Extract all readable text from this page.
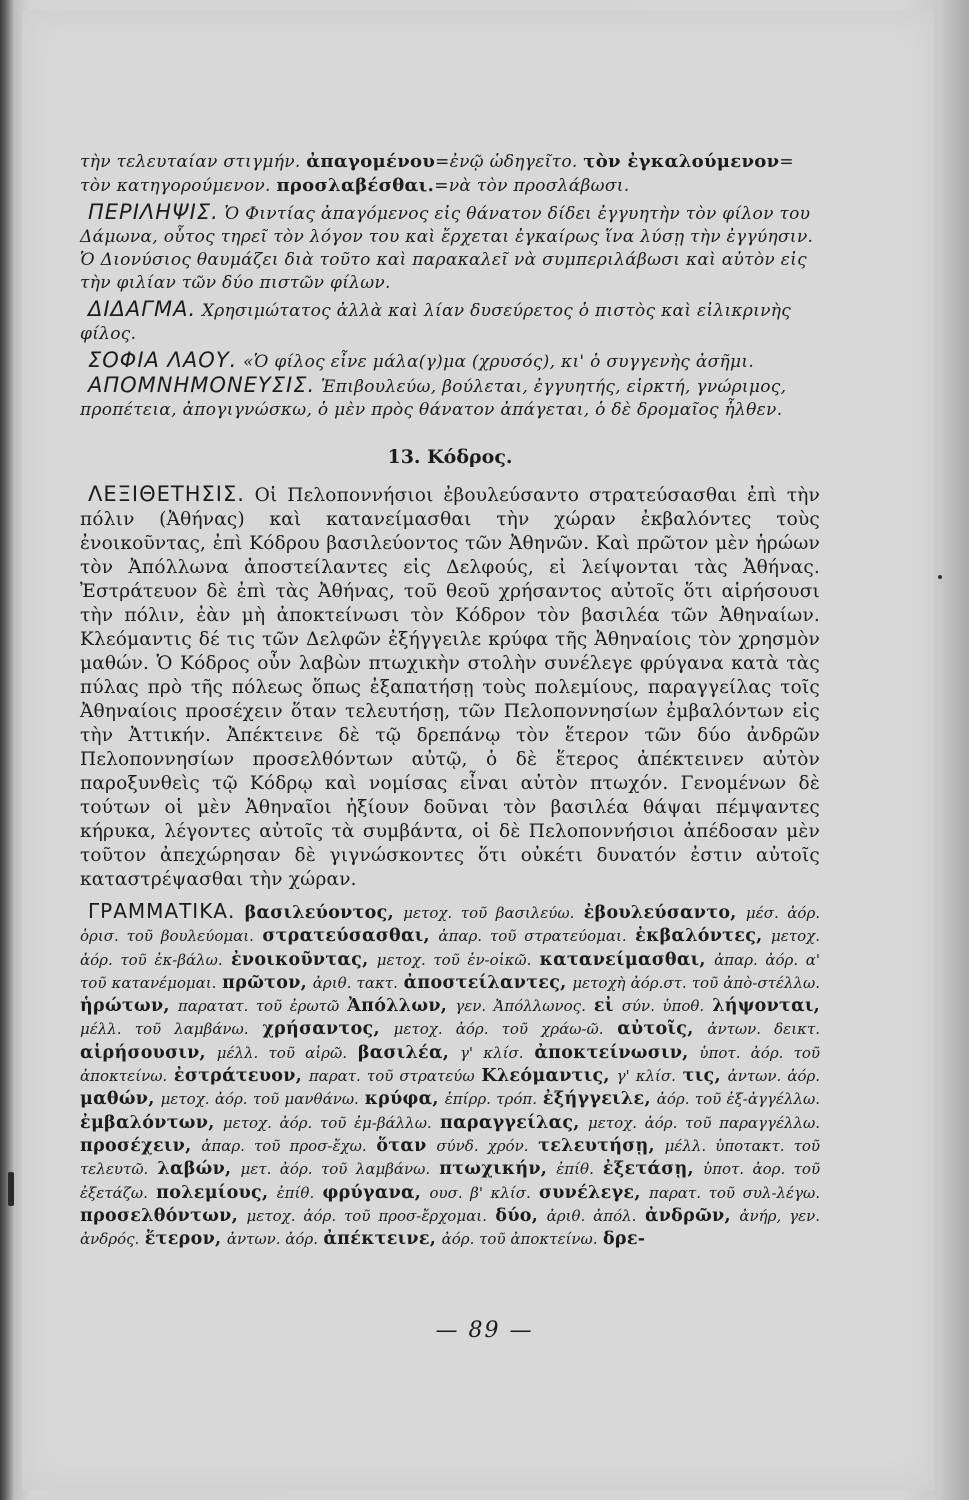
τὴν τελευταίαν στιγμήν. ἀπαγομένου=ἐνῷ ὡδηγεῖτο. τὸν ἐγκαλούμενον=
τὸν κατηγορούμενον. προσλαβέσθαι.=νὰ τὸν προσλάβωσι.

ΠΕΡΙΛΗΨΙΣ. Ὁ Φιντίας ἀπαγόμενος εἰς θάνατον δίδει ἐγγυητὴν τὸν φίλον του Δάμωνα, οὗτος τηρεῖ τὸν λόγον του καὶ ἔρχεται ἐγκαίρως ἵνα λύσῃ τὴν ἐγγύησιν. Ὁ Διονύσιος θαυμάζει διὰ τοῦτο καὶ παρακαλεῖ νὰ συμπεριλάβωσι καὶ αὐτὸν εἰς τὴν φιλίαν τῶν δύο πιστῶν φίλων.

ΔΙΔΑΓΜΑ. Χρησιμώτατος ἀλλὰ καὶ λίαν δυσεύρετος ὁ πιστὸς καὶ εἰλικρινὴς φίλος.

ΣΟΦΙΑ ΛΑΟΥ. «Ὁ φίλος εἶνε μάλα(γ)μα (χρυσός), κι' ὁ συγγενὴς ἀσῆμι.

ΑΠΟΜΝΗΜΟΝΕΥΣΙΣ. Ἐπιβουλεύω, βούλεται, ἐγγυητής, εἱρκτή, γνώριμος, προπέτεια, ἀπογιγνώσκω, ὁ μὲν πρὸς θάνατον ἀπάγεται, ὁ δὲ δρομαῖος ἦλθεν.

13. Κόδρος.

ΛΕΞΙΘΕΤΗΣΙΣ. Οἱ Πελοποννήσιοι ἐβουλεύσαντο στρατεύσασθαι ἐπὶ τὴν πόλιν (Ἀθήνας) καὶ κατανείμασθαι τὴν χώραν ἐκβαλόντες τοὺς ἐνοικοῦντας, ἐπὶ Κόδρου βασιλεύοντος τῶν Ἀθηνῶν. Καὶ πρῶτον μὲν ἡρώων τὸν Ἀπόλλωνα ἀποστείλαντες εἰς Δελφούς, εἰ λείψονται τὰς Ἀθήνας. Ἐστράτευον δὲ ἐπὶ τὰς Ἀθήνας, τοῦ θεοῦ χρήσαντος αὐτοῖς ὅτι αἱρήσουσι τὴν πόλιν, ἐὰν μὴ ἀποκτείνωσι τὸν Κόδρον τὸν βασιλέα τῶν Ἀθηναίων. Κλεόμαντις δέ τις τῶν Δελφῶν ἐξήγγειλε κρύφα τῆς Ἀθηναίοις τὸν χρησμὸν μαθών. Ὁ Κόδρος οὖν λαβὼν πτωχικὴν στολὴν συνέλεγε φρύγανα κατὰ τὰς πύλας πρὸ τῆς πόλεως ὅπως ἐξαπατήσῃ τοὺς πολεμίους, παραγγείλας τοῖς Ἀθηναίοις προσέχειν ὅταν τελευτήσῃ, τῶν Πελοποννησίων ἐμβαλόντων εἰς τὴν Ἀττικήν. Ἀπέκτεινε δὲ τῷ δρεπάνῳ τὸν ἕτερον τῶν δύο ἀνδρῶν Πελοποννησίων προσελθόντων αὐτῷ, ὁ δὲ ἕτερος ἀπέκτεινεν αὐτὸν παροξυνθεὶς τῷ Κόδρῳ καὶ νομίσας εἶναι αὐτὸν πτωχόν. Γενομένων δὲ τούτων οἱ μὲν Ἀθηναῖοι ἠξίουν δοῦναι τὸν βασιλέα θάψαι πέμψαντες κήρυκα, λέγοντες αὐτοῖς τὰ συμβάντα, οἱ δὲ Πελοποννήσιοι ἀπέδοσαν μὲν τοῦτον ἀπεχώρησαν δὲ γιγνώσκοντες ὅτι οὐκέτι δυνατόν ἐστιν αὐτοῖς καταστρέψασθαι τὴν χώραν.

ΓΡΑΜΜΑΤΙΚΑ. βασιλεύοντος, μετοχ. τοῦ βασιλεύω. ἐβουλεύσαντο, μέσ. ἀόρ. ὁρισ. τοῦ βουλεύομαι. στρατεύσασθαι, ἀπαρ. τοῦ στρατεύομαι. ἐκβαλόντες, μετοχ. ἀόρ. τοῦ ἐκ-βάλω. ἐνοικοῦντας, μετοχ. τοῦ ἐν-οἰκῶ. κατανείμασθαι, ἀπαρ. ἀόρ. α' τοῦ κατανέμομαι. πρῶτον, ἀριθ. τακτ. ἀποστείλαντες, μετοχὴ ἀόρ.στ. τοῦ ἀπὸ-στέλλω. ἡρώτων, παρατατ. τοῦ ἐρωτῶ Ἀπόλλων, γεν. Ἀπόλλωνος. εἰ σύν. ὑποθ. λήψονται, μέλλ. τοῦ λαμβάνω. χρήσαντος, μετοχ. ἀόρ. τοῦ χράω-ῶ. αὐτοῖς, ἀντων. δεικτ. αἱρήσουσιν, μέλλ. τοῦ αἱρῶ. βασιλέα, γ' κλίσ. ἀποκτείνωσιν, ὑποτ. ἀόρ. τοῦ ἀποκτείνω. ἐστράτευον, παρατ. τοῦ στρατεύω Κλεόμαντις, γ' κλίσ. τις, ἀντων. ἀόρ. μαθών, μετοχ. ἀόρ. τοῦ μανθάνω. κρύφα, ἐπίρρ. τρόπ. ἐξήγγειλε, ἀόρ. τοῦ ἐξ-ἀγγέλλω. ἐμβαλόντων, μετοχ. ἀόρ. τοῦ ἐμ-βάλλω. παραγγείλας, μετοχ. ἀόρ. τοῦ παραγγέλλω. προσέχειν, ἀπαρ. τοῦ προσ-ἔχω. ὅταν σύνδ. χρόν. τελευτήσῃ, μέλλ. ὑποτακτ. τοῦ τελευτῶ. λαβών, μετ. ἀόρ. τοῦ λαμβάνω. πτωχικήν, ἐπίθ. ἐξετάσῃ, ὑποτ. ἀορ. τοῦ ἐξετάζω. πολεμίους, ἐπίθ. φρύγανα, ουσ. β' κλίσ. συνέλεγε, παρατ. τοῦ συλ-λέγω. προσελθόντων, μετοχ. ἀόρ. τοῦ προσ-ἔρχομαι. δύο, ἀριθ. ἀπόλ. ἀνδρῶν, ἀνήρ, γεν. ἀνδρός. ἕτερον, ἀντων. ἀόρ. ἀπέκτεινε, ἀόρ. τοῦ ἀποκτείνω. δρε-

— 89 —
